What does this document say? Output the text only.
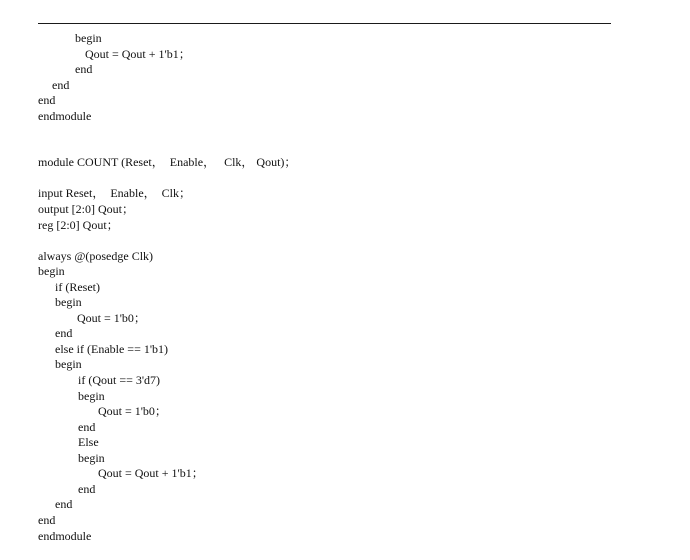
begin
Qout = Qout + 1'b1；
end
end
end
endmodule
module COUNT (Reset，  Enable，   Clk， Qout)；
input Reset，  Enable，  Clk；
output [2:0] Qout；
reg [2:0] Qout；
always @(posedge Clk)
begin
if (Reset)
begin
Qout = 1'b0；
end
else if (Enable == 1'b1)
begin
if (Qout == 3'd7)
begin
Qout = 1'b0；
end
Else
begin
Qout = Qout + 1'b1；
end
end
end
endmodule
